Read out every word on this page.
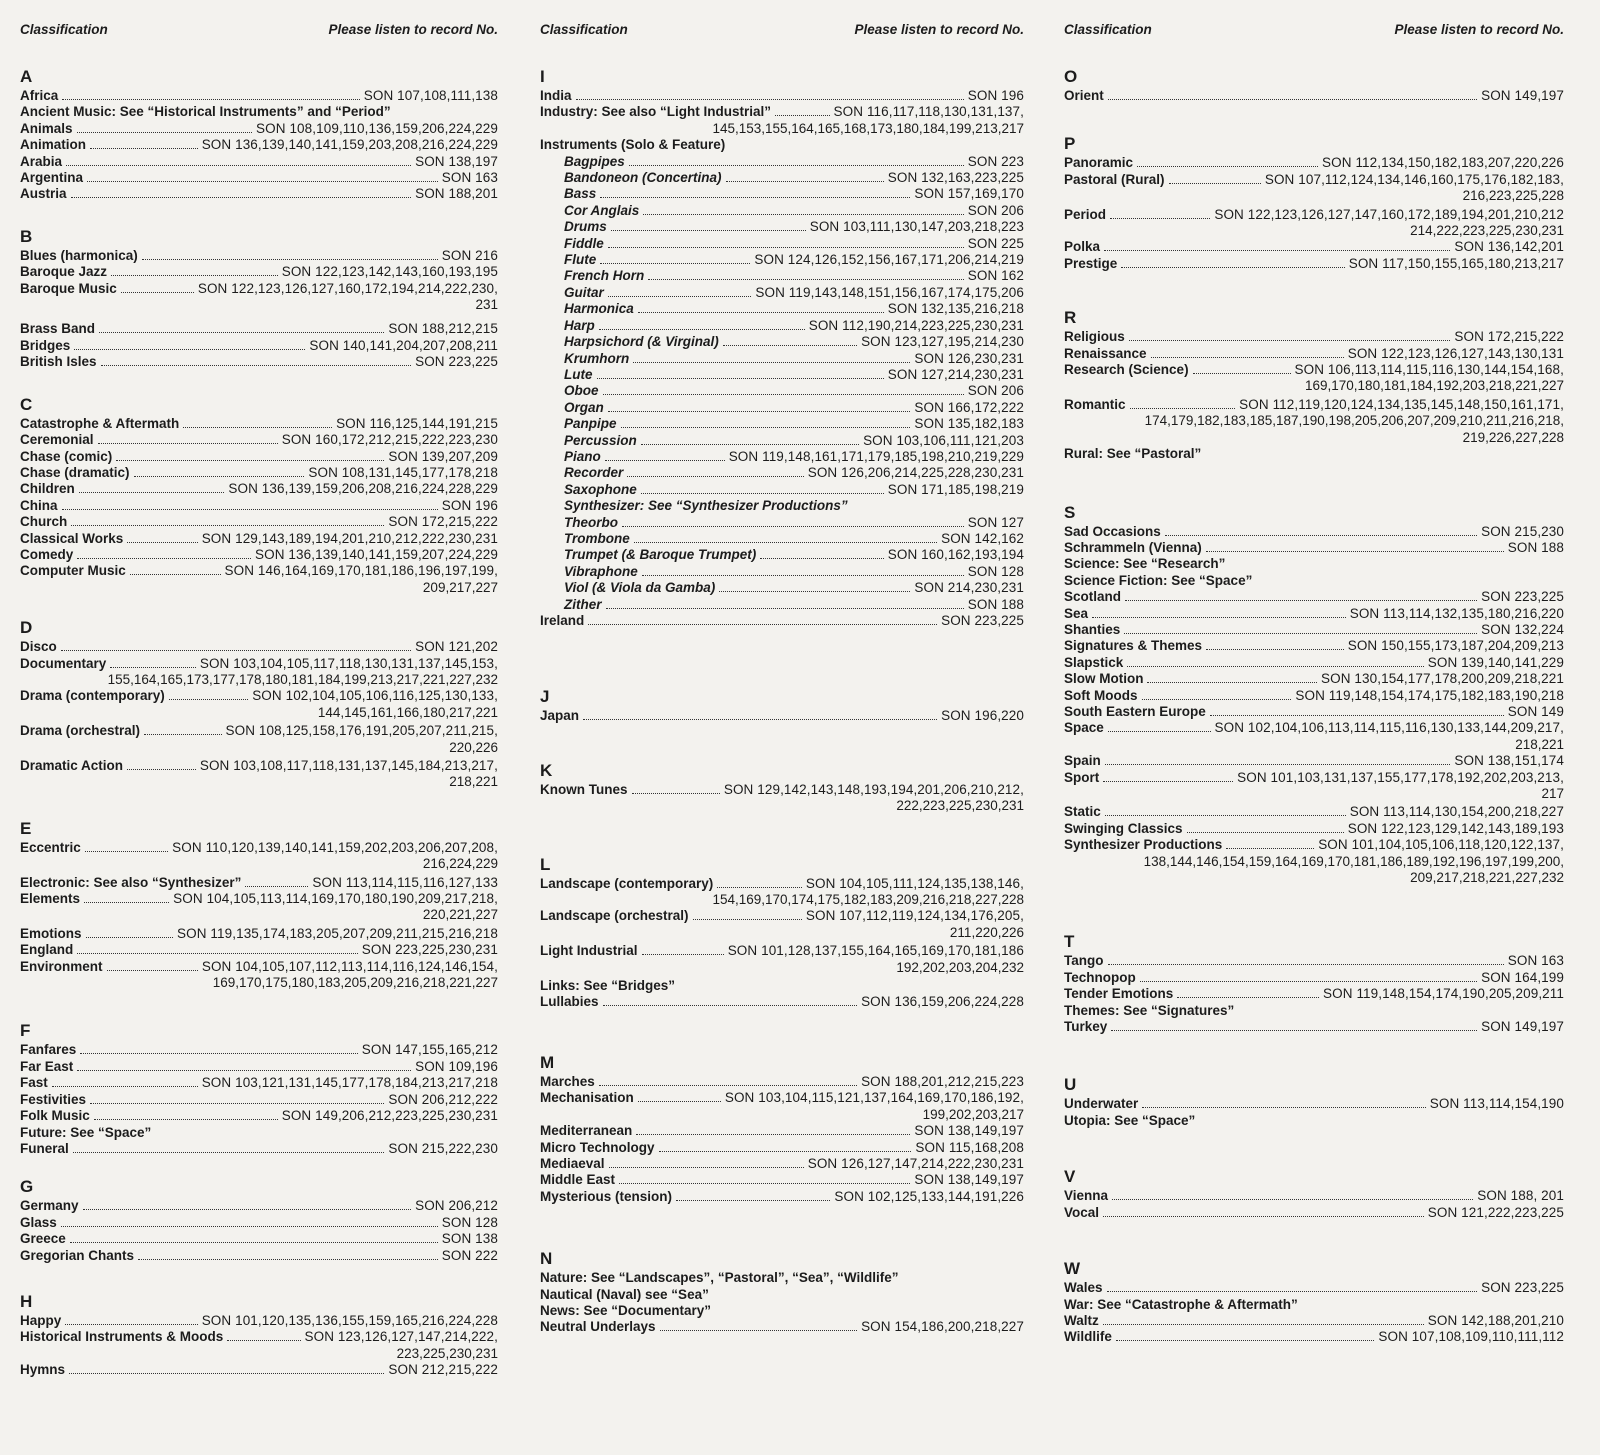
Classification	Please listen to record No.
A
Africa	SON 107,108,111,138
Ancient Music: See “Historical Instruments” and “Period”
Animals	SON 108,109,110,136,159,206,224,229
Animation	SON 136,139,140,141,159,203,208,216,224,229
Arabia	SON 138,197
Argentina	SON 163
Austria	SON 188,201
B
Blues (harmonica)	SON 216
Baroque Jazz	SON 122,123,142,143,160,193,195
Baroque Music	SON 122,123,126,127,160,172,194,214,222,230,
231
Brass Band	SON 188,212,215
Bridges	SON 140,141,204,207,208,211
British Isles	SON 223,225
C
Catastrophe & Aftermath	SON 116,125,144,191,215
Ceremonial	SON 160,172,212,215,222,223,230
Chase (comic)	SON 139,207,209
Chase (dramatic)	SON 108,131,145,177,178,218
Children	SON 136,139,159,206,208,216,224,228,229
China	SON 196
Church	SON 172,215,222
Classical Works	SON 129,143,189,194,201,210,212,222,230,231
Comedy	SON 136,139,140,141,159,207,224,229
Computer Music	SON 146,164,169,170,181,186,196,197,199,
209,217,227
D
Disco	SON 121,202
Documentary	SON 103,104,105,117,118,130,131,137,145,153,
155,164,165,173,177,178,180,181,184,199,213,217,221,227,232
Drama (contemporary)	SON 102,104,105,106,116,125,130,133,
144,145,161,166,180,217,221
Drama (orchestral)	SON 108,125,158,176,191,205,207,211,215,
220,226
Dramatic Action	SON 103,108,117,118,131,137,145,184,213,217,
218,221
E
Eccentric	SON 110,120,139,140,141,159,202,203,206,207,208,
216,224,229
Electronic: See also “Synthesizer”	SON 113,114,115,116,127,133
Elements	SON 104,105,113,114,169,170,180,190,209,217,218,
220,221,227
Emotions	SON 119,135,174,183,205,207,209,211,215,216,218
England	SON 223,225,230,231
Environment	SON 104,105,107,112,113,114,116,124,146,154,
169,170,175,180,183,205,209,216,218,221,227
F
Fanfares	SON 147,155,165,212
Far East	SON 109,196
Fast	SON 103,121,131,145,177,178,184,213,217,218
Festivities	SON 206,212,222
Folk Music	SON 149,206,212,223,225,230,231
Future: See “Space”
Funeral	SON 215,222,230
G
Germany	SON 206,212
Glass	SON 128
Greece	SON 138
Gregorian Chants	SON 222
H
Happy	SON 101,120,135,136,155,159,165,216,224,228
Historical Instruments & Moods	SON 123,126,127,147,214,222,
223,225,230,231
Hymns	SON 212,215,222
Classification	Please listen to record No.
I
India	SON 196
Industry: See also “Light Industrial”	SON 116,117,118,130,131,137,
145,153,155,164,165,168,173,180,184,199,213,217
Instruments (Solo & Feature)
Bagpipes	SON 223
Bandoneon (Concertina)	SON 132,163,223,225
Bass	SON 157,169,170
Cor Anglais	SON 206
Drums	SON 103,111,130,147,203,218,223
Fiddle	SON 225
Flute	SON 124,126,152,156,167,171,206,214,219
French Horn	SON 162
Guitar	SON 119,143,148,151,156,167,174,175,206
Harmonica	SON 132,135,216,218
Harp	SON 112,190,214,223,225,230,231
Harpsichord (& Virginal)	SON 123,127,195,214,230
Krumhorn	SON 126,230,231
Lute	SON 127,214,230,231
Oboe	SON 206
Organ	SON 166,172,222
Panpipe	SON 135,182,183
Percussion	SON 103,106,111,121,203
Piano	SON 119,148,161,171,179,185,198,210,219,229
Recorder	SON 126,206,214,225,228,230,231
Saxophone	SON 171,185,198,219
Synthesizer: See “Synthesizer Productions”
Theorbo	SON 127
Trombone	SON 142,162
Trumpet (& Baroque Trumpet)	SON 160,162,193,194
Vibraphone	SON 128
Viol (& Viola da Gamba)	SON 214,230,231
Zither	SON 188
Ireland	SON 223,225
J
Japan	SON 196,220
K
Known Tunes	SON 129,142,143,148,193,194,201,206,210,212,
222,223,225,230,231
L
Landscape (contemporary)	SON 104,105,111,124,135,138,146,
154,169,170,174,175,182,183,209,216,218,227,228
Landscape (orchestral)	SON 107,112,119,124,134,176,205,
211,220,226
Light Industrial	SON 101,128,137,155,164,165,169,170,181,186
192,202,203,204,232
Links: See “Bridges”
Lullabies	SON 136,159,206,224,228
M
Marches	SON 188,201,212,215,223
Mechanisation	SON 103,104,115,121,137,164,169,170,186,192,
199,202,203,217
Mediterranean	SON 138,149,197
Micro Technology	SON 115,168,208
Mediaeval	SON 126,127,147,214,222,230,231
Middle East	SON 138,149,197
Mysterious (tension)	SON 102,125,133,144,191,226
N
Nature: See “Landscapes”, “Pastoral”, “Sea”, “Wildlife”
Nautical (Naval) see “Sea”
News: See “Documentary”
Neutral Underlays	SON 154,186,200,218,227
Classification	Please listen to record No.
O
Orient	SON 149,197
P
Panoramic	SON 112,134,150,182,183,207,220,226
Pastoral (Rural)	SON 107,112,124,134,146,160,175,176,182,183,
216,223,225,228
Period	SON 122,123,126,127,147,160,172,189,194,201,210,212
214,222,223,225,230,231
Polka	SON 136,142,201
Prestige	SON 117,150,155,165,180,213,217
R
Religious	SON 172,215,222
Renaissance	SON 122,123,126,127,143,130,131
Research (Science)	SON 106,113,114,115,116,130,144,154,168,
169,170,180,181,184,192,203,218,221,227
Romantic	SON 112,119,120,124,134,135,145,148,150,161,171,
174,179,182,183,185,187,190,198,205,206,207,209,210,211,216,218,
219,226,227,228
Rural: See “Pastoral”
S
Sad Occasions	SON 215,230
Schrammeln (Vienna)	SON 188
Science: See “Research”
Science Fiction: See “Space”
Scotland	SON 223,225
Sea	SON 113,114,132,135,180,216,220
Shanties	SON 132,224
Signatures & Themes	SON 150,155,173,187,204,209,213
Slapstick	SON 139,140,141,229
Slow Motion	SON 130,154,177,178,200,209,218,221
Soft Moods	SON 119,148,154,174,175,182,183,190,218
South Eastern Europe	SON 149
Space	SON 102,104,106,113,114,115,116,130,133,144,209,217,
218,221
Spain	SON 138,151,174
Sport	SON 101,103,131,137,155,177,178,192,202,203,213,
217
Static	SON 113,114,130,154,200,218,227
Swinging Classics	SON 122,123,129,142,143,189,193
Synthesizer Productions	SON 101,104,105,106,118,120,122,137,
138,144,146,154,159,164,169,170,181,186,189,192,196,197,199,200,
209,217,218,221,227,232
T
Tango	SON 163
Technopop	SON 164,199
Tender Emotions	SON 119,148,154,174,190,205,209,211
Themes: See “Signatures”
Turkey	SON 149,197
U
Underwater	SON 113,114,154,190
Utopia: See “Space”
V
Vienna	SON 188, 201
Vocal	SON 121,222,223,225
W
Wales	SON 223,225
War: See “Catastrophe & Aftermath”
Waltz	SON 142,188,201,210
Wildlife	SON 107,108,109,110,111,112
